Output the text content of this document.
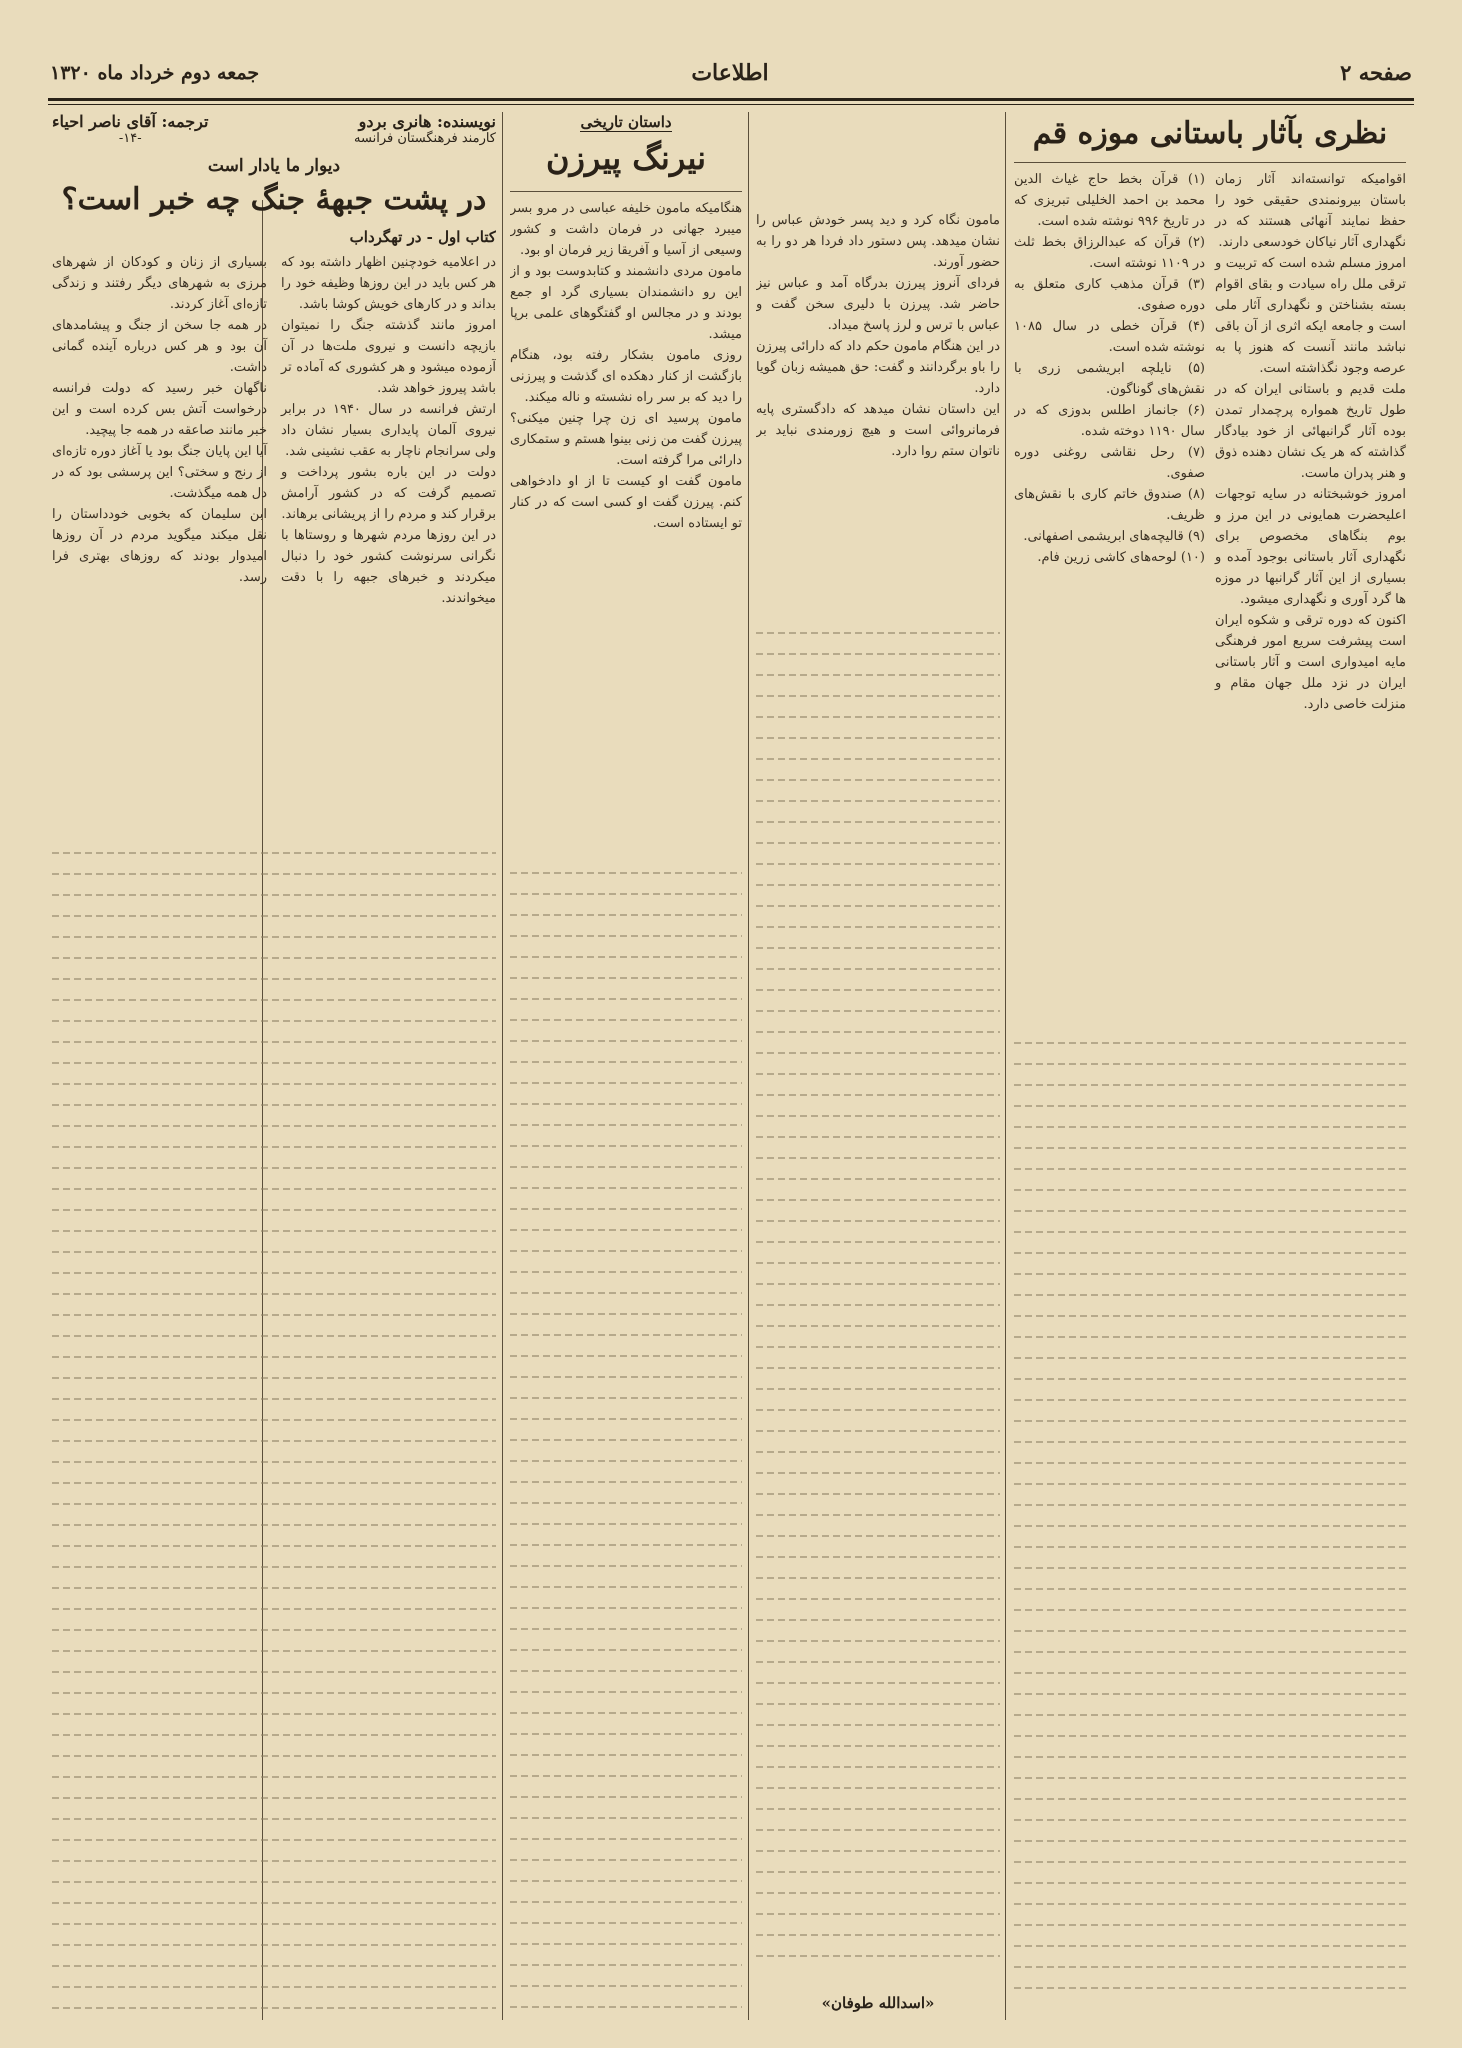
جمعه دوم خرداد ماه ۱۳۲۰	اطلاعات	صفحه ۲
نظری بآثار باستانی موزه قم

اقوامیکه توانسته‌اند آثار زمان باستان بیرونمندی حقیقی خود را حفظ نمایند آنهائی هستند که در نگهداری آثار نیاکان خودسعی دارند.

امروز مسلم شده است که تربیت و ترقی ملل راه سیادت و بقای اقوام بسته بشناختن و نگهداری آثار ملی است و جامعه ایکه اثری از آن باقی نباشد مانند آنست که هنوز پا به عرصه وجود نگذاشته است.

ملت قدیم و باستانی ایران که در طول تاریخ همواره پرچمدار تمدن بوده آثار گرانبهائی از خود بیادگار گذاشته که هر یک نشان دهنده ذوق و هنر پدران ماست.

امروز خوشبختانه در سایه توجهات اعلیحضرت همایونی در این مرز و بوم بنگاهای مخصوص برای نگهداری آثار باستانی بوجود آمده و بسیاری از این آثار گرانبها در موزه ها گرد آوری و نگهداری میشود.

اکنون که دوره ترقی و شکوه ایران است پیشرفت سریع امور فرهنگی مایه امیدواری است و آثار باستانی ایران در نزد ملل جهان مقام و منزلت خاصی دارد.

(۱) قرآن بخط حاج غیاث الدین محمد بن احمد الخلیلی تبریزی که در تاریخ ۹۹۶ نوشته شده است.

(۲) قرآن که عبدالرزاق بخط ثلث در ۱۱۰۹ نوشته است.

(۳) قرآن مذهب کاری متعلق به دوره صفوی.

(۴) قرآن خطی در سال ۱۰۸۵ نوشته شده است.

(۵) نایلچه ابریشمی زری با نقش‌های گوناگون.

(۶) جانماز اطلس بدوزی که در سال ۱۱۹۰ دوخته شده.

(۷) رحل نقاشی روغنی دوره صفوی.

(۸) صندوق خاتم کاری با نقش‌های ظریف.

(۹) قالیچه‌های ابریشمی اصفهانی.

(۱۰) لوحه‌های کاشی زرین فام.

داستان تاریخی
نیرنگ پیرزن

هنگامیکه مامون خلیفه عباسی در مرو بسر میبرد جهانی در فرمان داشت و کشور وسیعی از آسیا و آفریقا زیر فرمان او بود.

مامون مردی دانشمند و کتابدوست بود و از این رو دانشمندان بسیاری گرد او جمع بودند و در مجالس او گفتگوهای علمی برپا میشد.

روزی مامون بشکار رفته بود، هنگام بازگشت از کنار دهکده ای گذشت و پیرزنی را دید که بر سر راه نشسته و ناله میکند.

مامون پرسید ای زن چرا چنین میکنی؟ پیرزن گفت من زنی بینوا هستم و ستمکاری دارائی مرا گرفته است.

مامون گفت او کیست تا از او دادخواهی کنم. پیرزن گفت او کسی است که در کنار تو ایستاده است.

مامون نگاه کرد و دید پسر خودش عباس را نشان میدهد. پس دستور داد فردا هر دو را به حضور آورند.

فردای آنروز پیرزن بدرگاه آمد و عباس نیز حاضر شد. پیرزن با دلیری سخن گفت و عباس با ترس و لرز پاسخ میداد.

در این هنگام مامون حکم داد که دارائی پیرزن را باو برگردانند و گفت: حق همیشه زبان گویا دارد.

این داستان نشان میدهد که دادگستری پایه فرمانروائی است و هیچ زورمندی نباید بر ناتوان ستم روا دارد.

«اسدالله طوفان»
نویسنده: هانری بردو
کارمند فرهنگستان فرانسه
ترجمه: آقای ناصر احیاء
-۱۴-
دیوار ما یادار است
در پشت جبهۀ جنگ چه خبر است؟
کتاب اول - در تهگرداب

در اعلامیه خودچنین اظهار داشته بود که هر کس باید در این روزها وظیفه خود را بداند و در کارهای خویش کوشا باشد.

امروز مانند گذشته جنگ را نمیتوان بازیچه دانست و نیروی ملت‌ها در آن آزموده میشود و هر کشوری که آماده تر باشد پیروز خواهد شد.

ارتش فرانسه در سال ۱۹۴۰ در برابر نیروی آلمان پایداری بسیار نشان داد ولی سرانجام ناچار به عقب نشینی شد.

دولت در این باره بشور پرداخت و تصمیم گرفت که در کشور آرامش برقرار کند و مردم را از پریشانی برهاند.

در این روزها مردم شهرها و روستاها با نگرانی سرنوشت کشور خود را دنبال میکردند و خبرهای جبهه را با دقت میخواندند.

بسیاری از زنان و کودکان از شهرهای مرزی به شهرهای دیگر رفتند و زندگی تازه‌ای آغاز کردند.

در همه جا سخن از جنگ و پیشامدهای آن بود و هر کس درباره آینده گمانی داشت.

ناگهان خبر رسید که دولت فرانسه درخواست آتش بس کرده است و این خبر مانند صاعقه در همه جا پیچید.

آیا این پایان جنگ بود یا آغاز دوره تازه‌ای از رنج و سختی؟ این پرسشی بود که در دل همه میگذشت.

ابن سلیمان که بخوبی خودداستان را نقل میکند میگوید مردم در آن روزها امیدوار بودند که روزهای بهتری فرا رسد.
